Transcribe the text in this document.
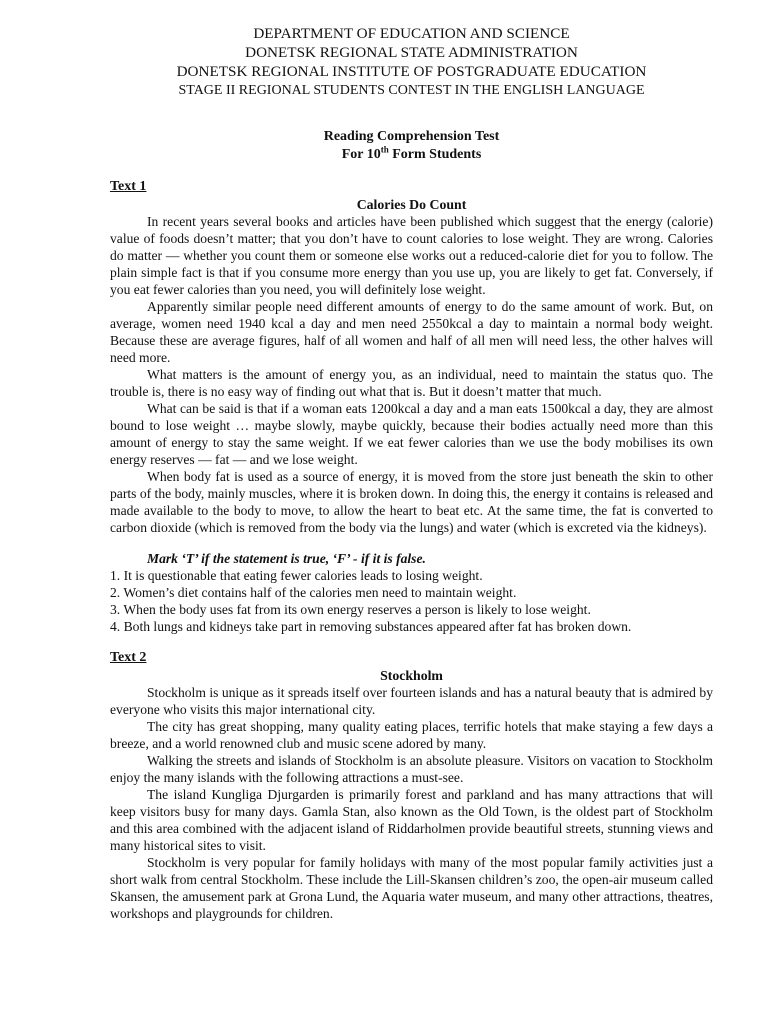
DEPARTMENT OF EDUCATION AND SCIENCE

DONETSK REGIONAL STATE ADMINISTRATION

DONETSK REGIONAL INSTITUTE OF POSTGRADUATE EDUCATION

STAGE II REGIONAL STUDENTS CONTEST IN THE ENGLISH LANGUAGE

Reading Comprehension Test

For 10th Form Students

Text 1

Calories Do Count

In recent years several books and articles have been published which suggest that the energy (calorie) value of foods doesn’t matter; that you don’t have to count calories to lose weight. They are wrong. Calories do matter — whether you count them or someone else works out a reduced-calorie diet for you to follow. The plain simple fact is that if you consume more energy than you use up, you are likely to get fat. Conversely, if you eat fewer calories than you need, you will definitely lose weight.

Apparently similar people need different amounts of energy to do the same amount of work. But, on average, women need 1940 kcal a day and men need 2550kcal a day to maintain a normal body weight. Because these are average figures, half of all women and half of all men will need less, the other halves will need more.

What matters is the amount of energy you, as an individual, need to maintain the status quo. The trouble is, there is no easy way of finding out what that is. But it doesn’t matter that much.

What can be said is that if a woman eats 1200kcal a day and a man eats 1500kcal a day, they are almost bound to lose weight … maybe slowly, maybe quickly, because their bodies actually need more than this amount of energy to stay the same weight. If we eat fewer calories than we use the body mobilises its own energy reserves — fat — and we lose weight.

When body fat is used as a source of energy, it is moved from the store just beneath the skin to other parts of the body, mainly muscles, where it is broken down. In doing this, the energy it contains is released and made available to the body to move, to allow the heart to beat etc. At the same time, the fat is converted to carbon dioxide (which is removed from the body via the lungs) and water (which is excreted via the kidneys).

Mark ‘T’ if the statement is true, ‘F’ - if it is false.

1. It is questionable that eating fewer calories leads to losing weight.

2. Women’s diet contains half of the calories men need to maintain weight.

3. When the body uses fat from its own energy reserves a person is likely to lose weight.

4. Both lungs and kidneys take part in removing substances appeared after fat has broken down.

Text 2

Stockholm

Stockholm is unique as it spreads itself over fourteen islands and has a natural beauty that is admired by everyone who visits this major international city.

The city has great shopping, many quality eating places, terrific hotels that make staying a few days a breeze, and a world renowned club and music scene adored by many.

Walking the streets and islands of Stockholm is an absolute pleasure. Visitors on vacation to Stockholm enjoy the many islands with the following attractions a must-see.

The island Kungliga Djurgarden is primarily forest and parkland and has many attractions that will keep visitors busy for many days. Gamla Stan, also known as the Old Town, is the oldest part of Stockholm and this area combined with the adjacent island of Riddarholmen provide beautiful streets, stunning views and many historical sites to visit.

Stockholm is very popular for family holidays with many of the most popular family activities just a short walk from central Stockholm. These include the Lill-Skansen children’s zoo, the open-air museum called Skansen, the amusement park at Grona Lund, the Aquaria water museum, and many other attractions, theatres, workshops and playgrounds for children.
